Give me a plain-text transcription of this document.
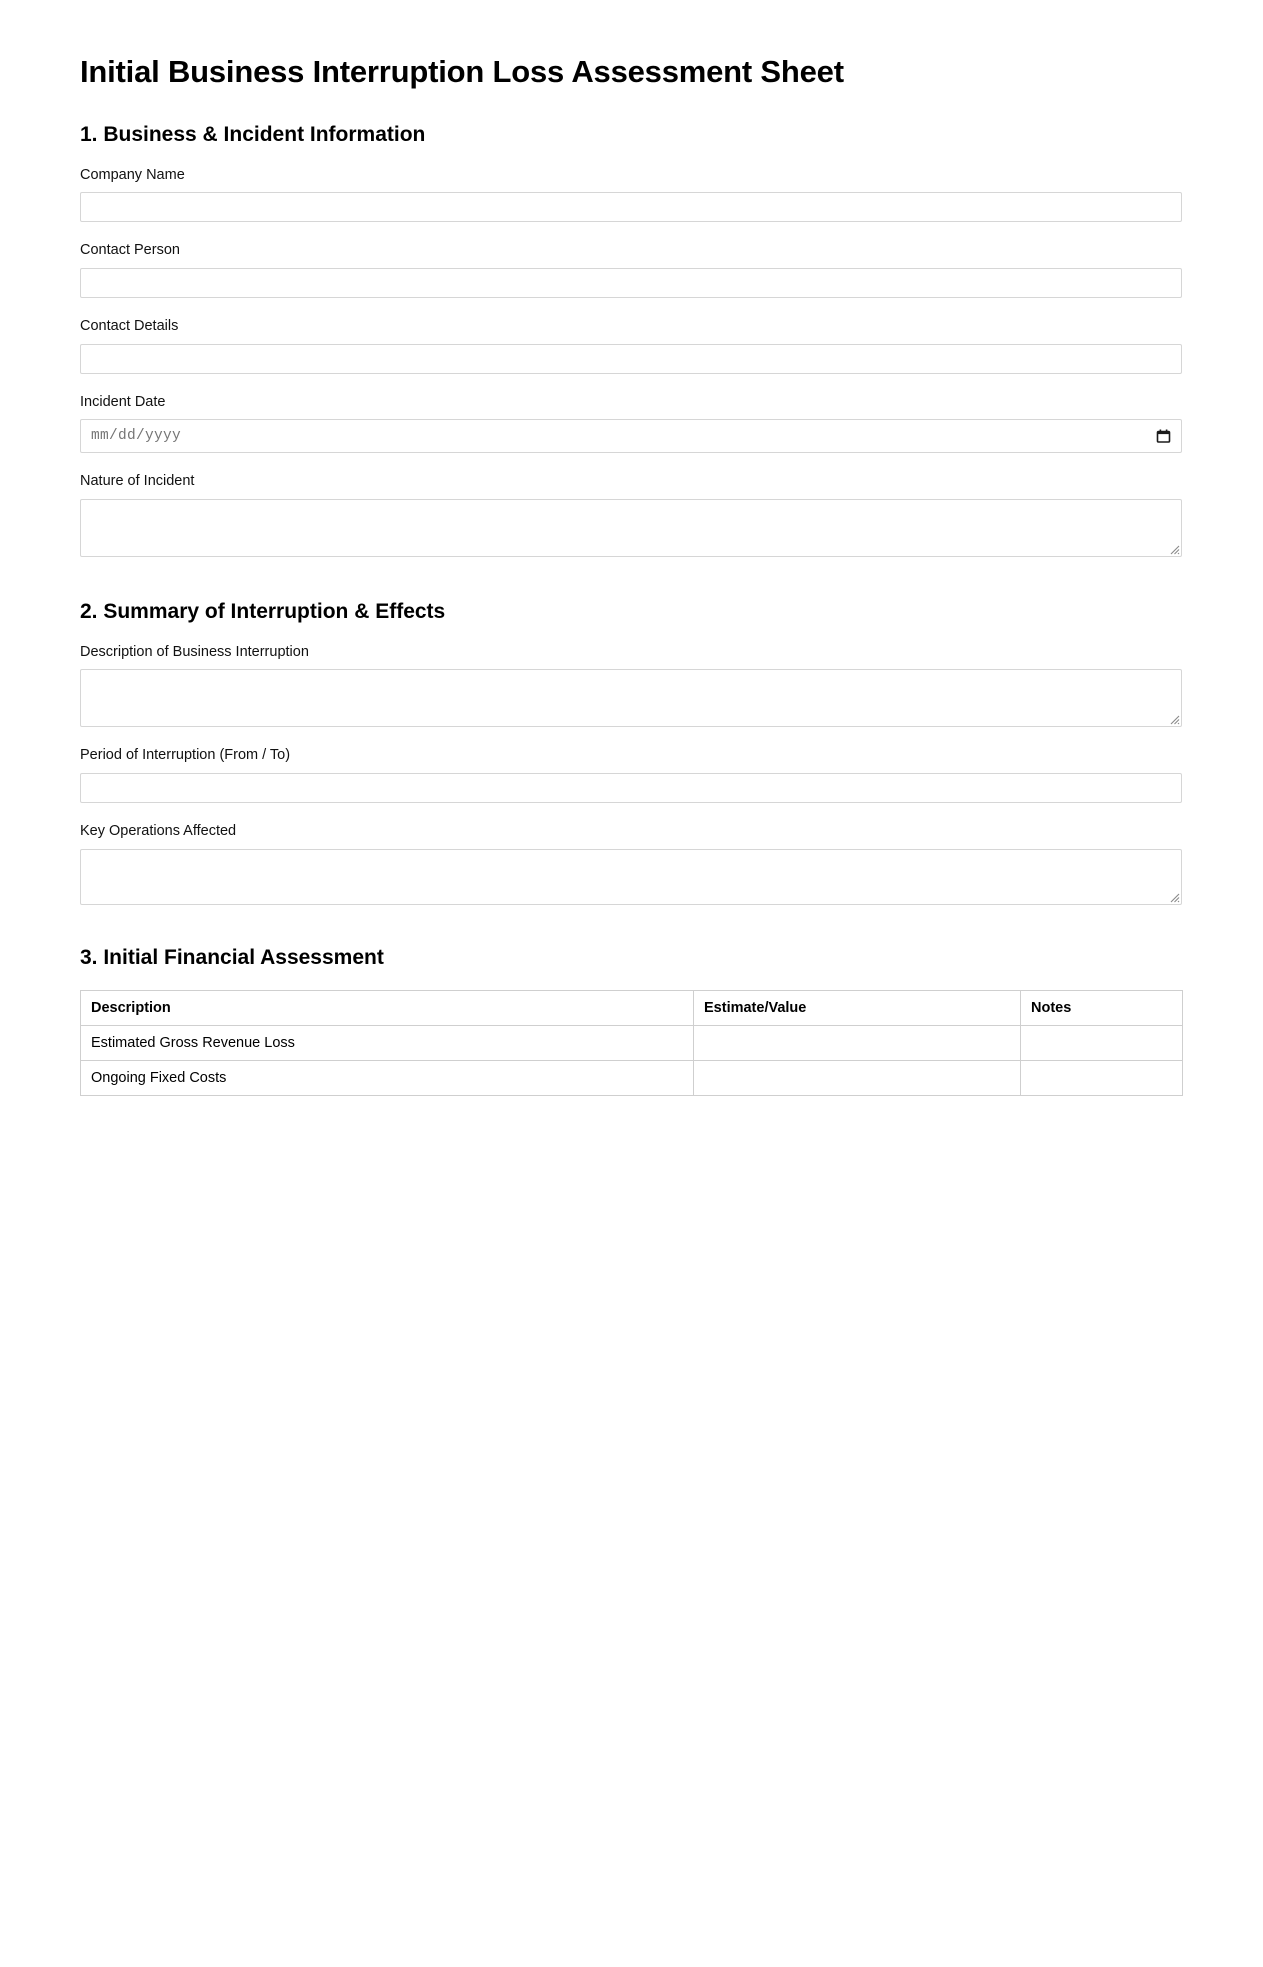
Initial Business Interruption Loss Assessment Sheet
1. Business & Incident Information
Company Name
Contact Person
Contact Details
Incident Date
mm/dd/yyyy
Nature of Incident
2. Summary of Interruption & Effects
Description of Business Interruption
Period of Interruption (From / To)
Key Operations Affected
3. Initial Financial Assessment
Description	Estimate/Value	Notes
Estimated Gross Revenue Loss		
Ongoing Fixed Costs		
